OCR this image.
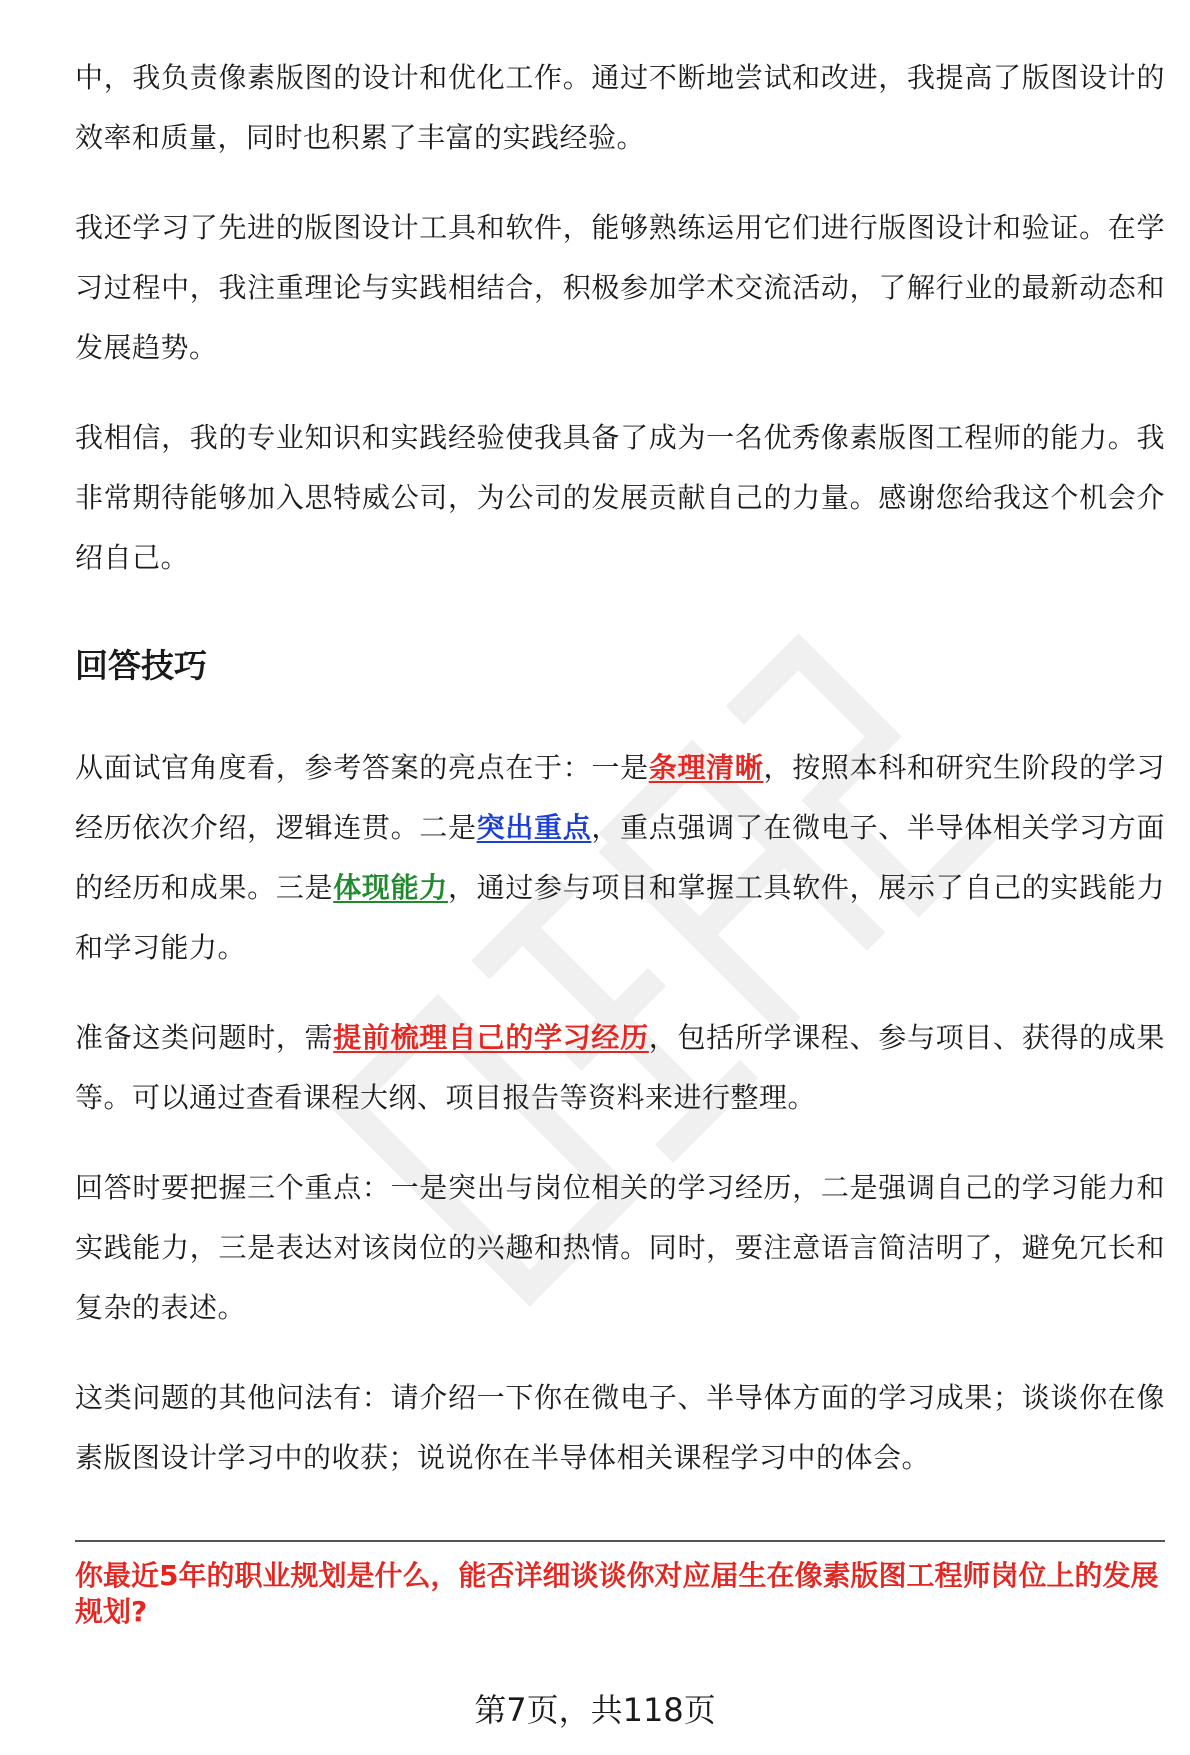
中，我负责像素版图的设计和优化工作。通过不断地尝试和改进，我提高了版图设计的效率和质量，同时也积累了丰富的实践经验。

我还学习了先进的版图设计工具和软件，能够熟练运用它们进行版图设计和验证。在学习过程中，我注重理论与实践相结合，积极参加学术交流活动，了解行业的最新动态和发展趋势。

我相信，我的专业知识和实践经验使我具备了成为一名优秀像素版图工程师的能力。我非常期待能够加入思特威公司，为公司的发展贡献自己的力量。感谢您给我这个机会介绍自己。

回答技巧

从面试官角度看，参考答案的亮点在于：一是条理清晰，按照本科和研究生阶段的学习经历依次介绍，逻辑连贯。二是突出重点，重点强调了在微电子、半导体相关学习方面的经历和成果。三是体现能力，通过参与项目和掌握工具软件，展示了自己的实践能力和学习能力。

准备这类问题时，需提前梳理自己的学习经历，包括所学课程、参与项目、获得的成果等。可以通过查看课程大纲、项目报告等资料来进行整理。

回答时要把握三个重点：一是突出与岗位相关的学习经历，二是强调自己的学习能力和实践能力，三是表达对该岗位的兴趣和热情。同时，要注意语言简洁明了，避免冗长和复杂的表述。

这类问题的其他问法有：请介绍一下你在微电子、半导体方面的学习成果；谈谈你在像素版图设计学习中的收获；说说你在半导体相关课程学习中的体会。

你最近5年的职业规划是什么，能否详细谈谈你对应届生在像素版图工程师岗位上的发展规划?
第7页，共118页
